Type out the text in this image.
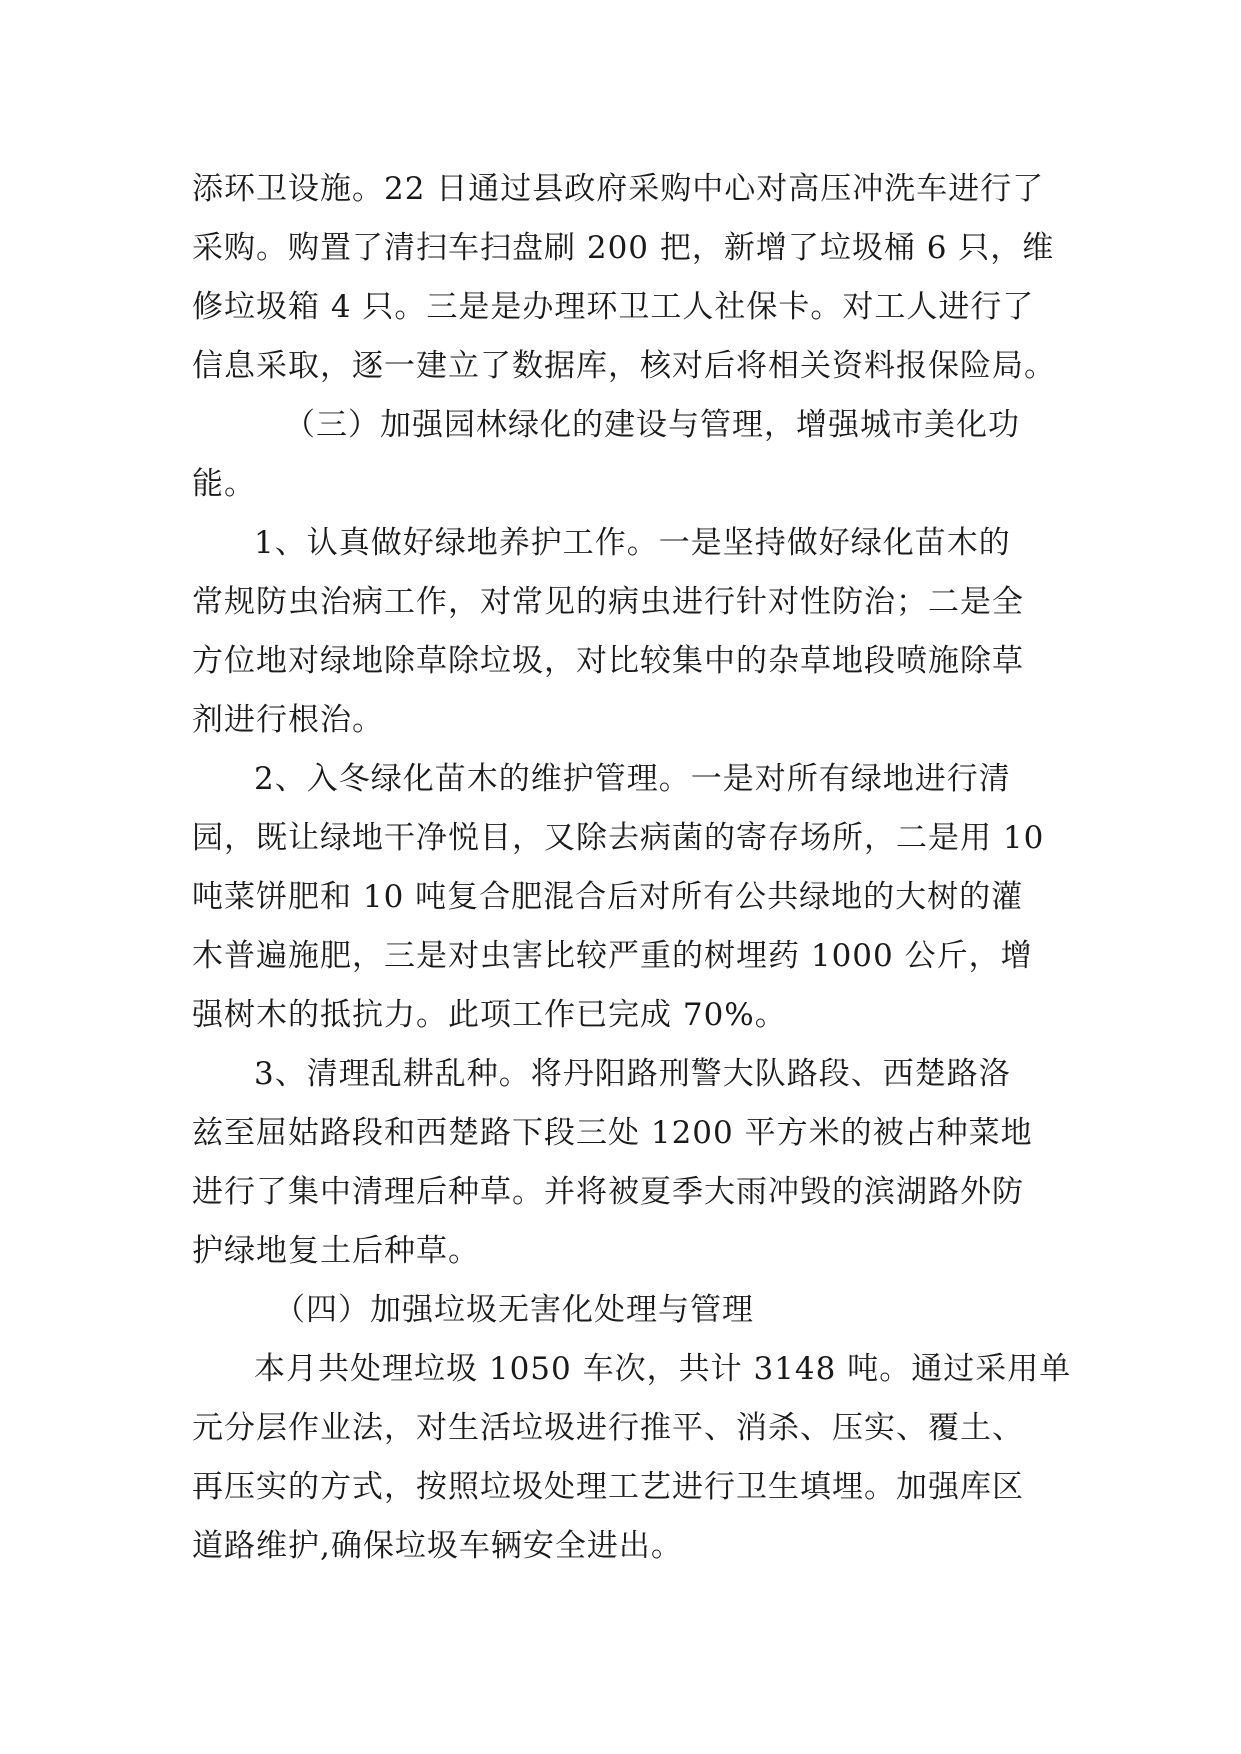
添环卫设施。22 日通过县政府采购中心对高压冲洗车进行了
采购。购置了清扫车扫盘刷 200 把，新增了垃圾桶 6 只，维
修垃圾箱 4 只。三是是办理环卫工人社保卡。对工人进行了
信息采取，逐一建立了数据库，核对后将相关资料报保险局。
（三）加强园林绿化的建设与管理，增强城市美化功
能。
1、认真做好绿地养护工作。一是坚持做好绿化苗木的
常规防虫治病工作，对常见的病虫进行针对性防治；二是全
方位地对绿地除草除垃圾，对比较集中的杂草地段喷施除草
剂进行根治。
2、入冬绿化苗木的维护管理。一是对所有绿地进行清
园，既让绿地干净悦目，又除去病菌的寄存场所，二是用 10
吨菜饼肥和 10 吨复合肥混合后对所有公共绿地的大树的灌
木普遍施肥，三是对虫害比较严重的树埋药 1000 公斤，增
强树木的抵抗力。此项工作已完成 70%。
3、清理乱耕乱种。将丹阳路刑警大队路段、西楚路洛
兹至屈姑路段和西楚路下段三处 1200 平方米的被占种菜地
进行了集中清理后种草。并将被夏季大雨冲毁的滨湖路外防
护绿地复土后种草。
（四）加强垃圾无害化处理与管理
本月共处理垃圾 1050 车次，共计 3148 吨。通过采用单
元分层作业法，对生活垃圾进行推平、消杀、压实、覆土、
再压实的方式，按照垃圾处理工艺进行卫生填埋。加强库区
道路维护,确保垃圾车辆安全进出。
